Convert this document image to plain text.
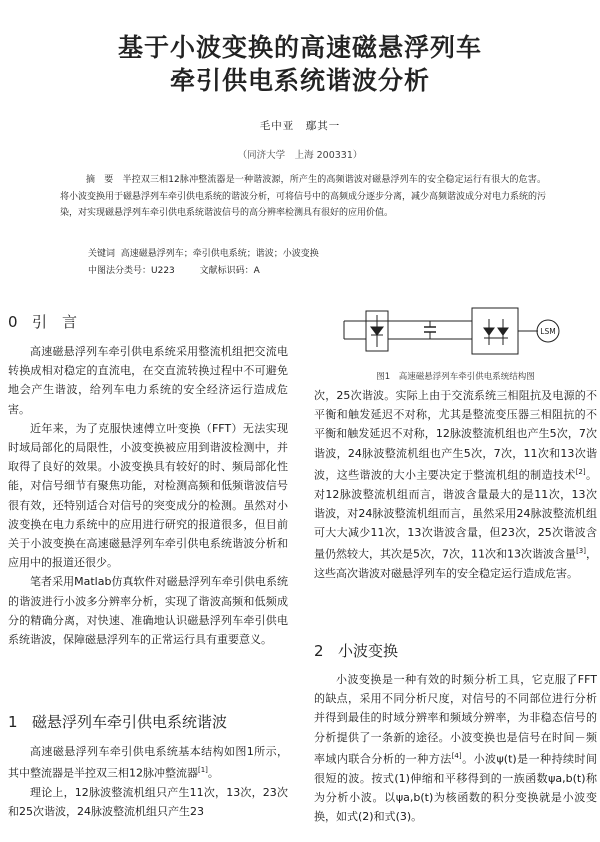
基于小波变换的高速磁悬浮列车
牵引供电系统谐波分析
毛中亚　鄢其一
（同济大学　上海 200331）
摘　要 半控双三相12脉冲整流器是一种谐波源，所产生的高频谐波对磁悬浮列车的安全稳定运行有很大的危害。将小波变换用于磁悬浮列车牵引供电系统的谐波分析，可将信号中的高频成分逐步分离，减少高频谐波成分对电力系统的污染，对实现磁悬浮列车牵引供电系统谐波信号的高分辨率检测具有很好的应用价值。
关键词 高速磁悬浮列车；牵引供电系统；谐波；小波变换
中图法分类号：U223	文献标识码：A
0 引　言

高速磁悬浮列车牵引供电系统采用整流机组把交流电转换成相对稳定的直流电，在交直流转换过程中不可避免地会产生谐波，给列车电力系统的安全经济运行造成危害。

近年来，为了克服快速傅立叶变换（FFT）无法实现时域局部化的局限性，小波变换被应用到谐波检测中，并取得了良好的效果。小波变换具有较好的时、频局部化性能，对信号细节有聚焦功能，对检测高频和低频谐波信号很有效，还特别适合对信号的突变成分的检测。虽然对小波变换在电力系统中的应用进行研究的报道很多，但目前关于小波变换在高速磁悬浮列车牵引供电系统谐波分析和应用中的报道还很少。

笔者采用Matlab仿真软件对磁悬浮列车牵引供电系统的谐波进行小波多分辨率分析，实现了谐波高频和低频成分的精确分离，对快速、准确地认识磁悬浮列车牵引供电系统谐波，保障磁悬浮列车的正常运行具有重要意义。

1 磁悬浮列车牵引供电系统谐波

高速磁悬浮列车牵引供电系统基本结构如图1所示，其中整流器是半控双三相12脉冲整流器[1]。

理论上，12脉波整流机组只产生11次，13次，23次和25次谐波，24脉波整流机组只产生23

LSM
图1　高速磁悬浮列车牵引供电系统结构图

次，25次谐波。实际上由于交流系统三相阻抗及电源的不平衡和触发延迟不对称，尤其是整流变压器三相阻抗的不平衡和触发延迟不对称，12脉波整流机组也产生5次，7次谐波，24脉波整流机组也产生5次，7次，11次和13次谐波，这些谐波的大小主要决定于整流机组的制造技术[2]。对12脉波整流机组而言，谐波含量最大的是11次，13次谐波，对24脉波整流机组而言，虽然采用24脉波整流机组可大大减少11次，13次谐波含量，但23次，25次谐波含量仍然较大，其次是5次，7次，11次和13次谐波含量[3]，这些高次谐波对磁悬浮列车的安全稳定运行造成危害。

2 小波变换

小波变换是一种有效的时频分析工具，它克服了FFT的缺点，采用不同分析尺度，对信号的不同部位进行分析并得到最佳的时域分辨率和频域分辨率，为非稳态信号的分析提供了一条新的途径。小波变换也是信号在时间－频率域内联合分析的一种方法[4]。小波ψ(t)是一种持续时间很短的波。按式(1)伸缩和平移得到的一族函数ψa,b(t)称为分析小波。以ψa,b(t)为核函数的积分变换就是小波变换，如式(2)和式(3)。
